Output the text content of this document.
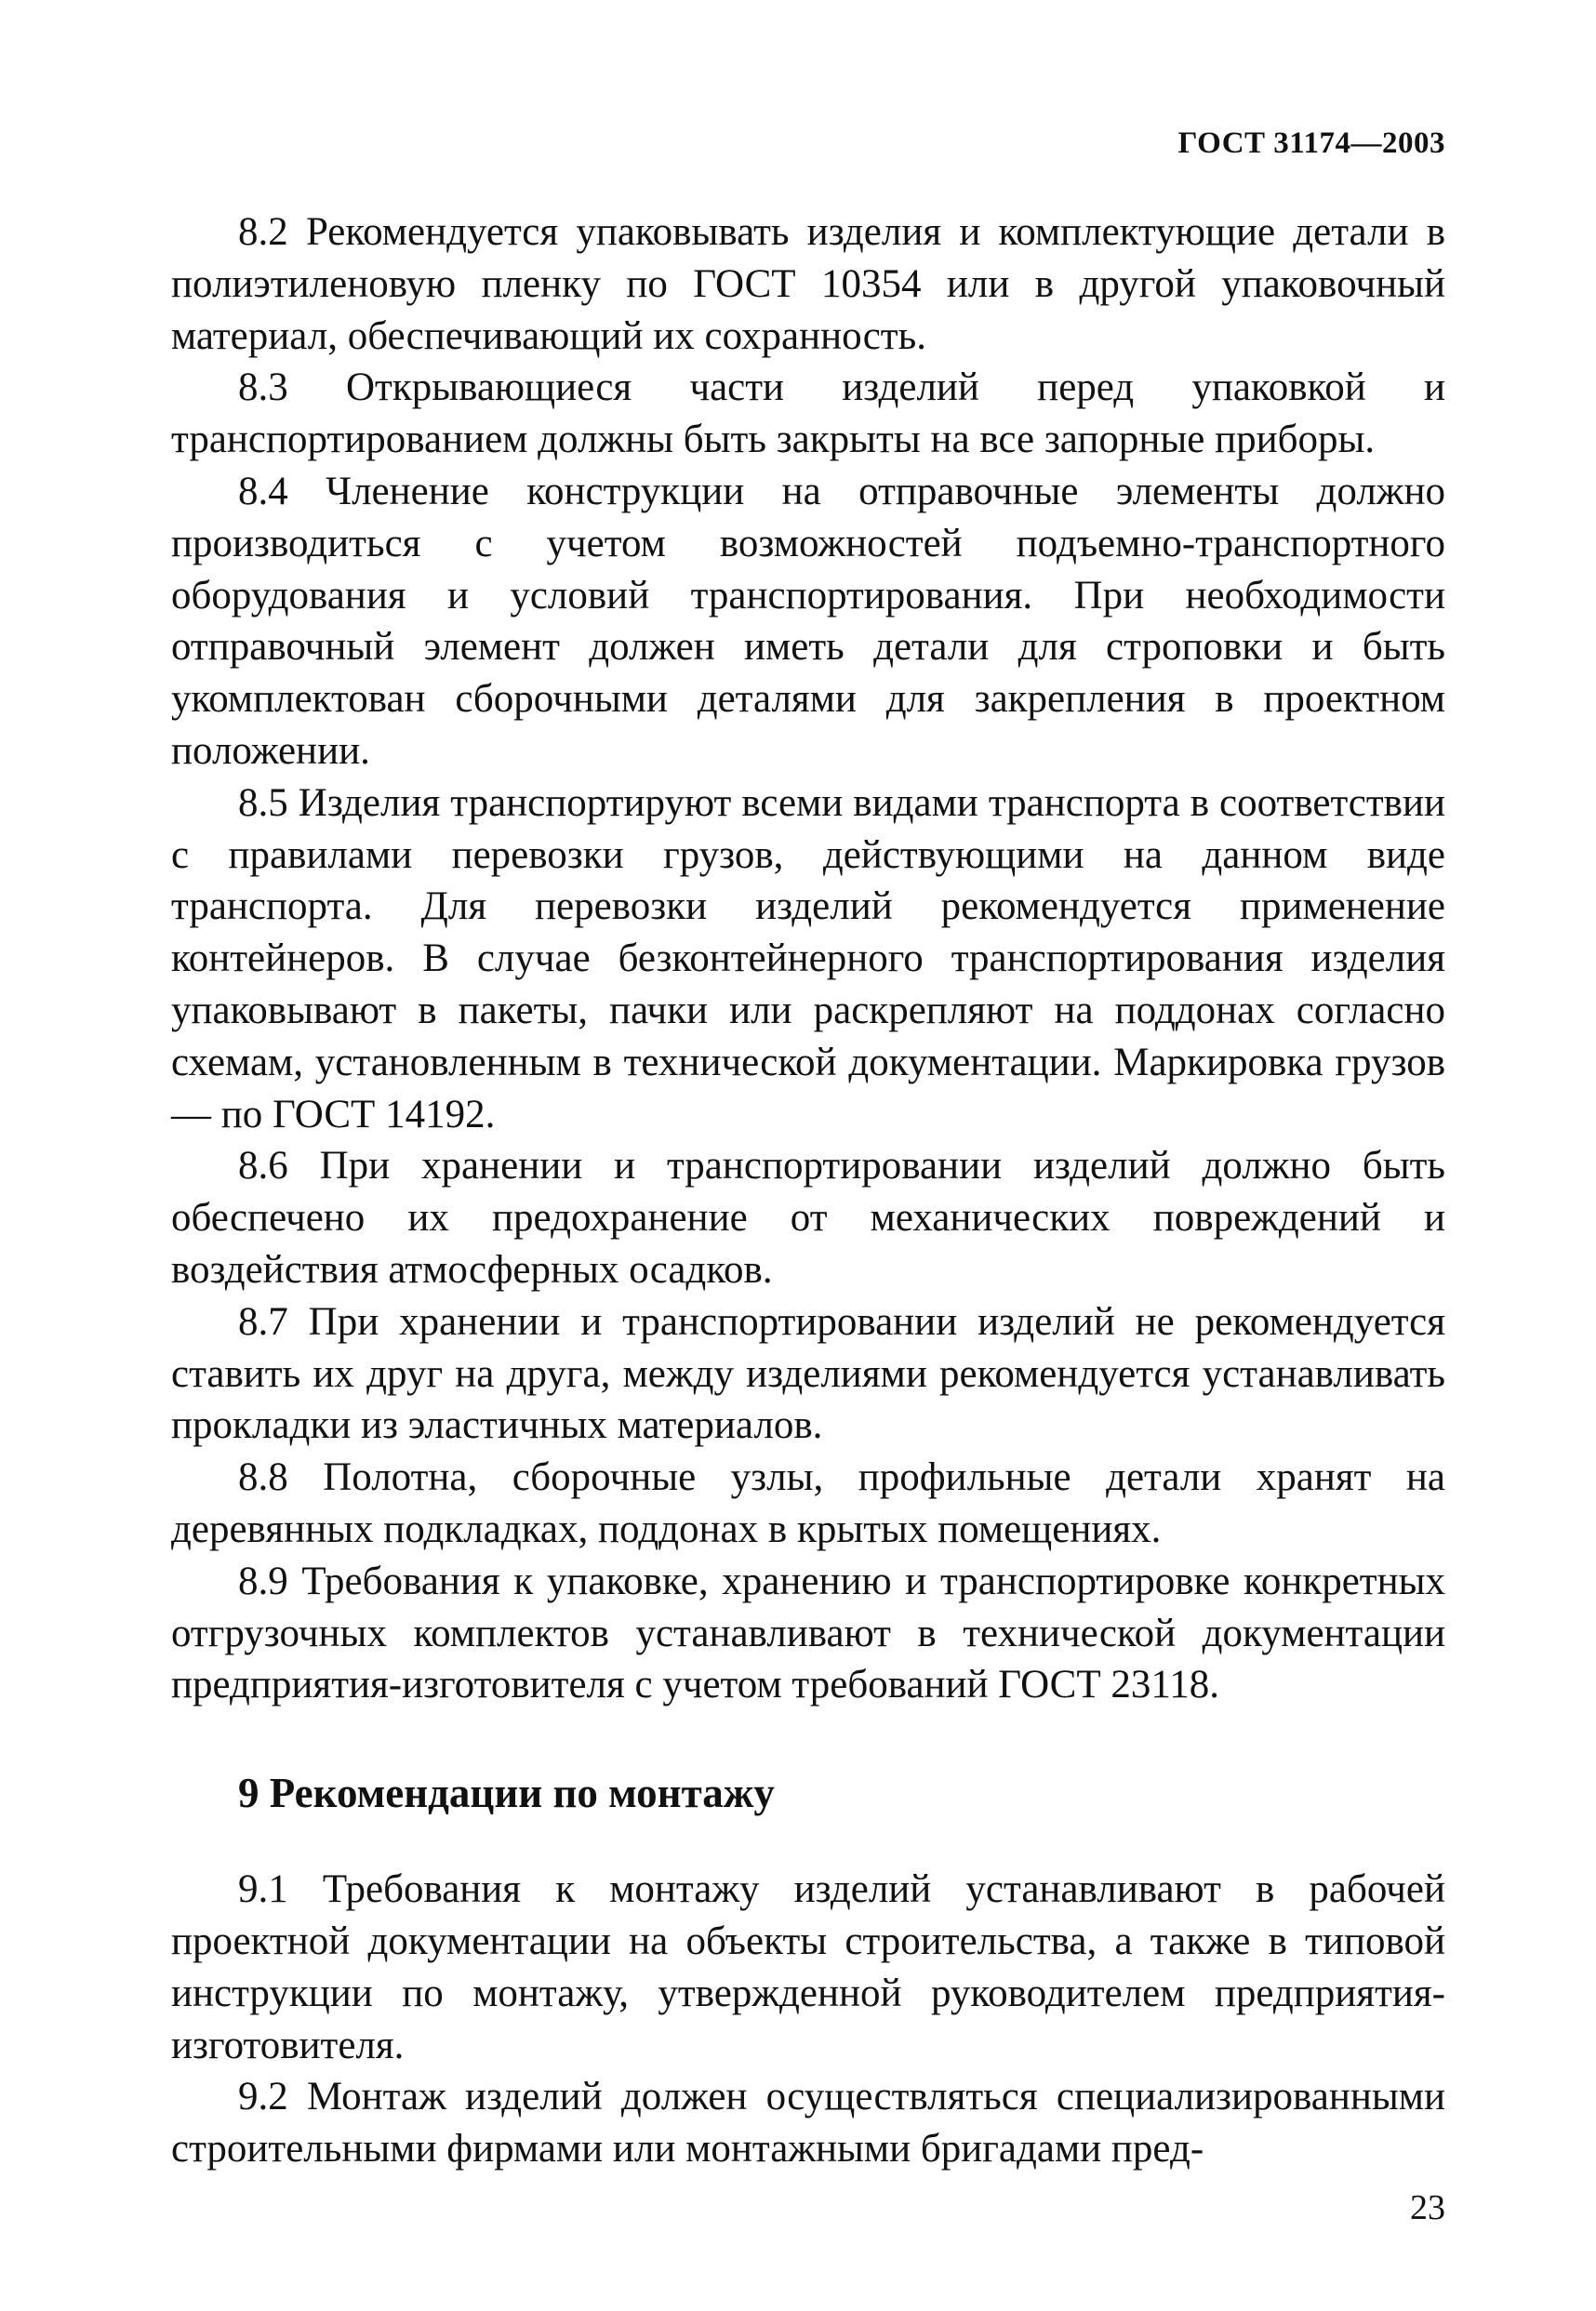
ГОСТ 31174—2003

8.2 Рекомендуется упаковывать изделия и комплектующие детали в полиэтиленовую пленку по ГОСТ 10354 или в другой упаковочный материал, обеспечивающий их сохранность.

8.3 Открывающиеся части изделий перед упаковкой и транспортированием должны быть закрыты на все запорные приборы.

8.4 Членение конструкции на отправочные элементы должно производиться с учетом возможностей подъемно-транспортного оборудования и условий транспортирования. При необходимости отправочный элемент должен иметь детали для строповки и быть укомплектован сборочными деталями для закрепления в проектном положении.

8.5 Изделия транспортируют всеми видами транспорта в соответствии с правилами перевозки грузов, действующими на данном виде транспорта. Для перевозки изделий рекомендуется применение контейнеров. В случае безконтейнерного транспортирования изделия упаковывают в пакеты, пачки или раскрепляют на поддонах согласно схемам, установленным в технической документации. Маркировка грузов — по ГОСТ 14192.

8.6 При хранении и транспортировании изделий должно быть обеспечено их предохранение от механических повреждений и воздействия атмосферных осадков.

8.7 При хранении и транспортировании изделий не рекомендуется ставить их друг на друга, между изделиями рекомендуется устанавливать прокладки из эластичных материалов.

8.8 Полотна, сборочные узлы, профильные детали хранят на деревянных подкладках, поддонах в крытых помещениях.

8.9 Требования к упаковке, хранению и транспортировке конкретных отгрузочных комплектов устанавливают в технической документации предприятия-изготовителя с учетом требований ГОСТ 23118.

9 Рекомендации по монтажу

9.1 Требования к монтажу изделий устанавливают в рабочей проектной документации на объекты строительства, а также в типовой инструкции по монтажу, утвержденной руководителем предприятия-изготовителя.

9.2 Монтаж изделий должен осуществляться специализированными строительными фирмами или монтажными бригадами пред-

23
